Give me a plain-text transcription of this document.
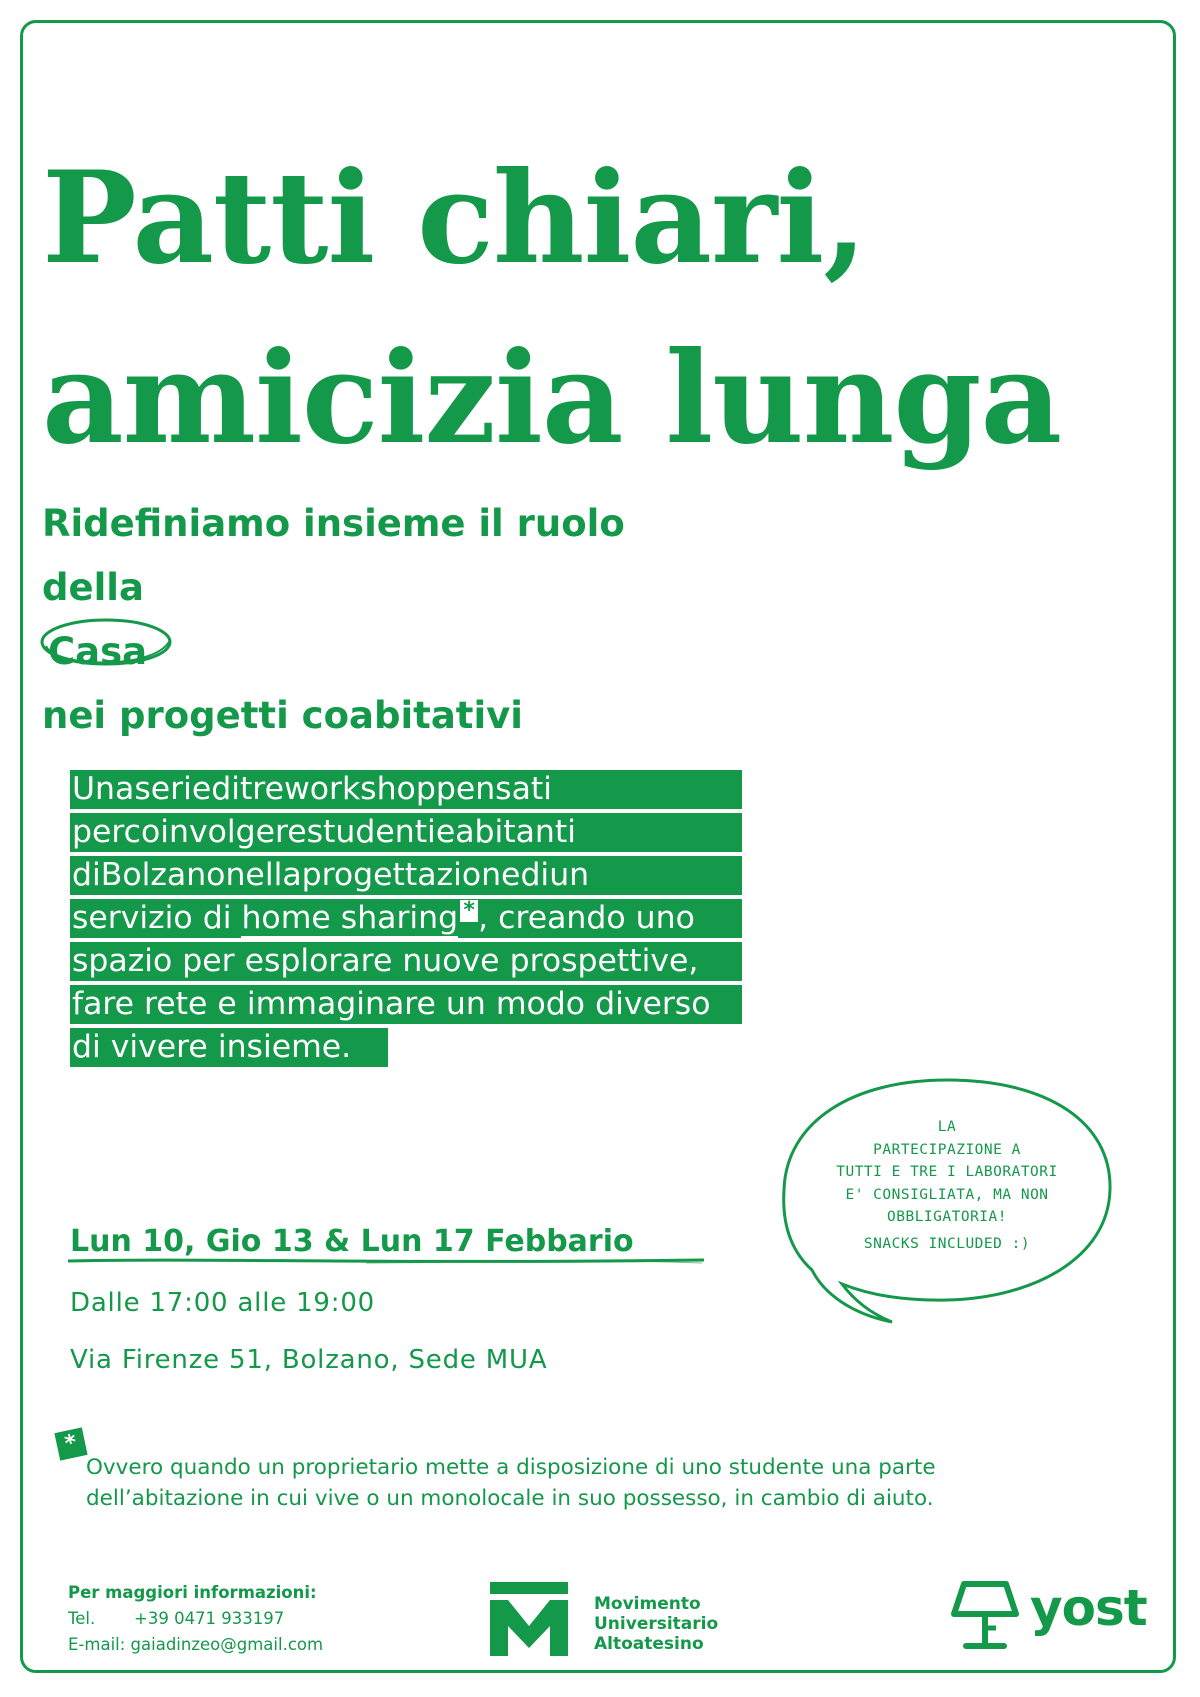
Patti chiari,
amicizia lunga
Ridefiniamo insieme il ruolo
della
Casa
nei progetti coabitativi
Unaserieditreworkshoppensati
percoinvolgerestudentieabitanti
diBolzanonellaprogettazionediun
servizio di home sharing * , creando uno
spazio per esplorare nuove prospettive,
fare rete e immaginare un modo diverso
di vivere insieme.
LA
PARTECIPAZIONE A
TUTTI E TRE I LABORATORI
E' CONSIGLIATA, MA NON
OBBLIGATORIA!
SNACKS INCLUDED :)
Lun 10, Gio 13 & Lun 17 Febbario
Dalle 17:00 alle 19:00
Via Firenze 51, Bolzano, Sede MUA
*
Ovvero quando un proprietario mette a disposizione di uno studente una parte
dell’abitazione in cui vive o un monolocale in suo possesso, in cambio di aiuto.
Per maggiori informazioni:
Tel. +39 0471 933197
E-mail: gaiadinzeo@gmail.com
Movimento
Universitario
Altoatesino
yost
